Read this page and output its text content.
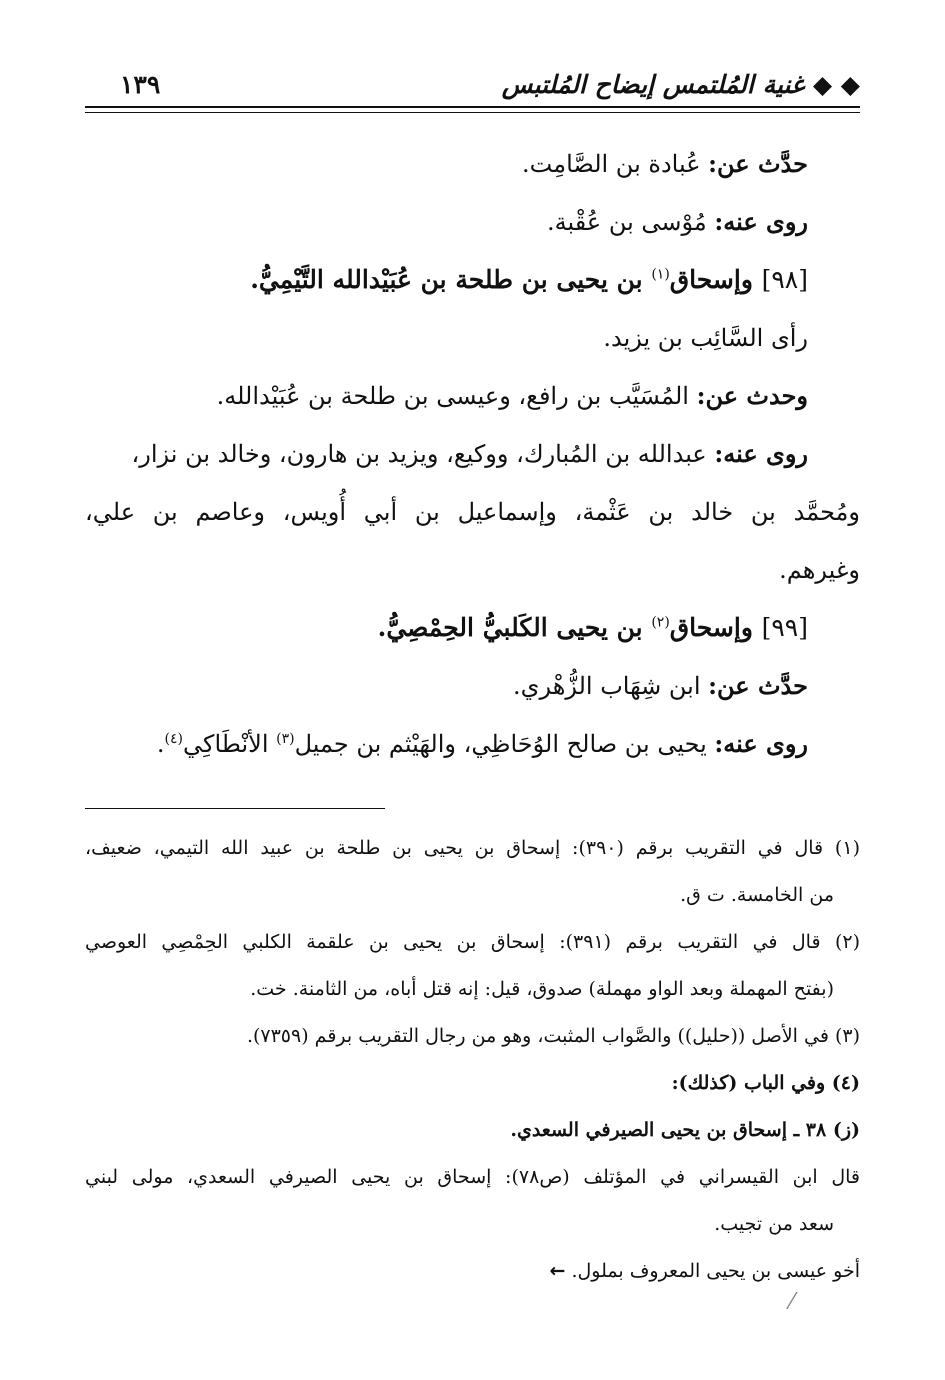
◆ ◆ غنية المُلتمس إيضاح المُلتبس
١٣٩
حدَّث عن: عُبادة بن الصَّامِت.
روى عنه: مُوْسى بن عُقْبة.
[٩٨] وإسحاق$^{(١)}$ بن يحيى بن طلحة بن عُبَيْدالله التَّيْمِيُّ.
رأى السَّائِب بن يزيد.
وحدث عن: المُسَيَّب بن رافع، وعيسى بن طلحة بن عُبَيْدالله.
روى عنه: عبدالله بن المُبارك، ووكيع، ويزيد بن هارون، وخالد بن نزار،
ومُحمَّد بن خالد بن عَثْمة، وإسماعيل بن أبي أُويس، وعاصم بن علي،
وغيرهم.
[٩٩] وإسحاق$^{(٢)}$ بن يحيى الكَلبيُّ الحِمْصِيُّ.
حدَّث عن: ابن شِهَاب الزُّهْري.
روى عنه: يحيى بن صالح الوُحَاظِي، والهَيْثم بن جميل$^{(٣)}$ الأنْطَاكِي$^{(٤)}$.
(١) قال في التقريب برقم (٣٩٠): إسحاق بن يحيى بن طلحة بن عبيد الله التيمي، ضعيف،
من الخامسة. ت ق.
(٢) قال في التقريب برقم (٣٩١): إسحاق بن يحيى بن علقمة الكلبي الحِمْصِي العوصي
(بفتح المهملة وبعد الواو مهملة) صدوق، قيل: إنه قتل أباه، من الثامنة. خت.
(٣) في الأصل ((حليل)) والصَّواب المثبت، وهو من رجال التقريب برقم (٧٣٥٩).
(٤) وفي الباب (كذلك):
(ز) ٣٨ ـ إسحاق بن يحيى الصيرفي السعدي.
قال ابن القيسراني في المؤتلف (ص٧٨): إسحاق بن يحيى الصيرفي السعدي، مولى لبني
سعد من تجيب.
أخو عيسى بن يحيى المعروف بملول. ←
⁄
